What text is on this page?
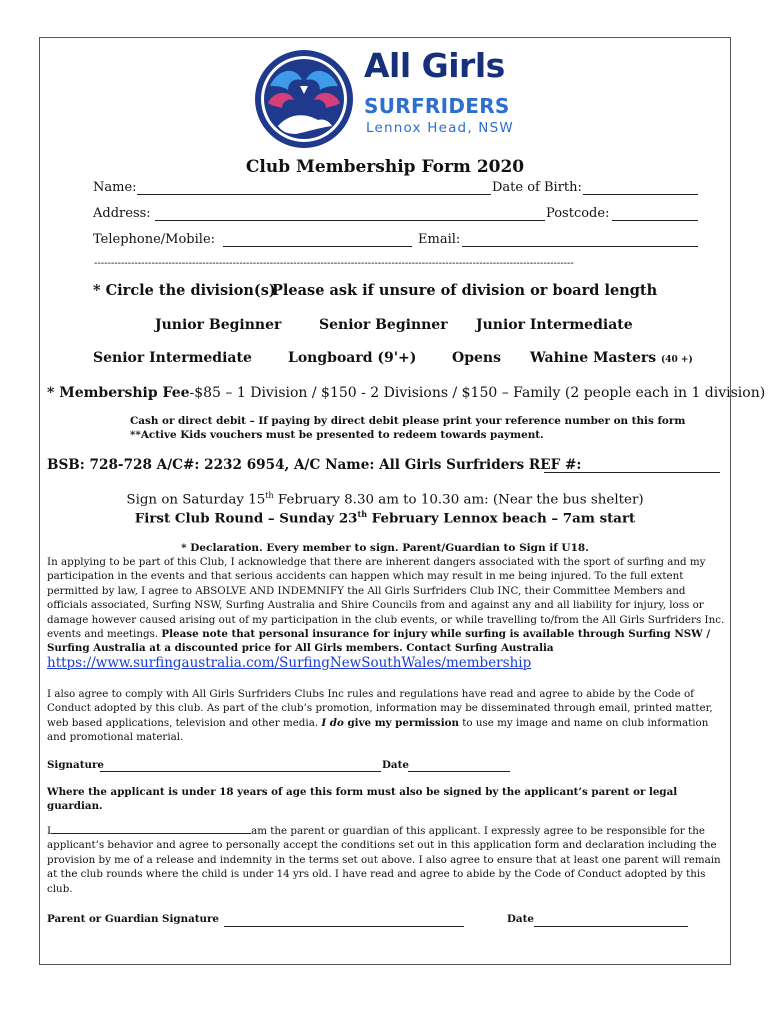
All Girls
SURFRIDERS
Lennox Head, NSW
Club Membership Form 2020
Name:	Date of Birth:
Address:	Postcode:
Telephone/Mobile:	Email:
----------------------------------------------------------------------------------------------------------------------------------------------
* Circle the division(s)
Please ask if unsure of division or board length
Junior Beginner	Senior Beginner Junior Intermediate
Senior Intermediate	Longboard (9'+)	Opens Wahine Masters (40 +)
* Membership Fee-$85 – 1 Division / $150 - 2 Divisions / $150 – Family (2 people each in 1 division)
Cash or direct debit – If paying by direct debit please print your reference number on this form
**Active Kids vouchers must be presented to redeem towards payment.
BSB: 728-728 A/C#: 2232 6954, A/C Name: All Girls Surfriders REF #:
Sign on Saturday 15th February 8.30 am to 10.30 am: (Near the bus shelter)
First Club Round – Sunday 23th February Lennox beach – 7am start
* Declaration. Every member to sign. Parent/Guardian to Sign if U18.
In applying to be part of this Club, I acknowledge that there are inherent dangers associated with the sport of surfing and my participation in the events and that serious accidents can happen which may result in me being injured. To the full extent permitted by law, I agree to ABSOLVE AND INDEMNIFY the All Girls Surfriders Club INC, their Committee Members and officials associated, Surfing NSW, Surfing Australia and Shire Councils from and against any and all liability for injury, loss or damage however caused arising out of my participation in the club events, or while travelling to/from the All Girls Surfriders Inc. events and meetings. Please note that personal insurance for injury while surfing is available through Surfing NSW / Surfing Australia at a discounted price for All Girls members. Contact Surfing Australia
https://www.surfingaustralia.com/SurfingNewSouthWales/membership
I also agree to comply with All Girls Surfriders Clubs Inc rules and regulations have read and agree to abide by the Code of Conduct adopted by this club. As part of the club’s promotion, information may be disseminated through email, printed matter, web based applications, television and other media. I do give my permission to use my image and name on club information and promotional material.
Signature	Date
Where the applicant is under 18 years of age this form must also be signed by the applicant’s parent or legal guardian.
I	am the parent or guardian of this applicant. I expressly agree to be responsible for the applicant’s behavior and agree to personally accept the conditions set out in this application form and declaration including the provision by me of a release and indemnity in the terms set out above. I also agree to ensure that at least one parent will remain at the club rounds where the child is under 14 yrs old. I have read and agree to abide by the Code of Conduct adopted by this club.
Parent or Guardian Signature	Date
